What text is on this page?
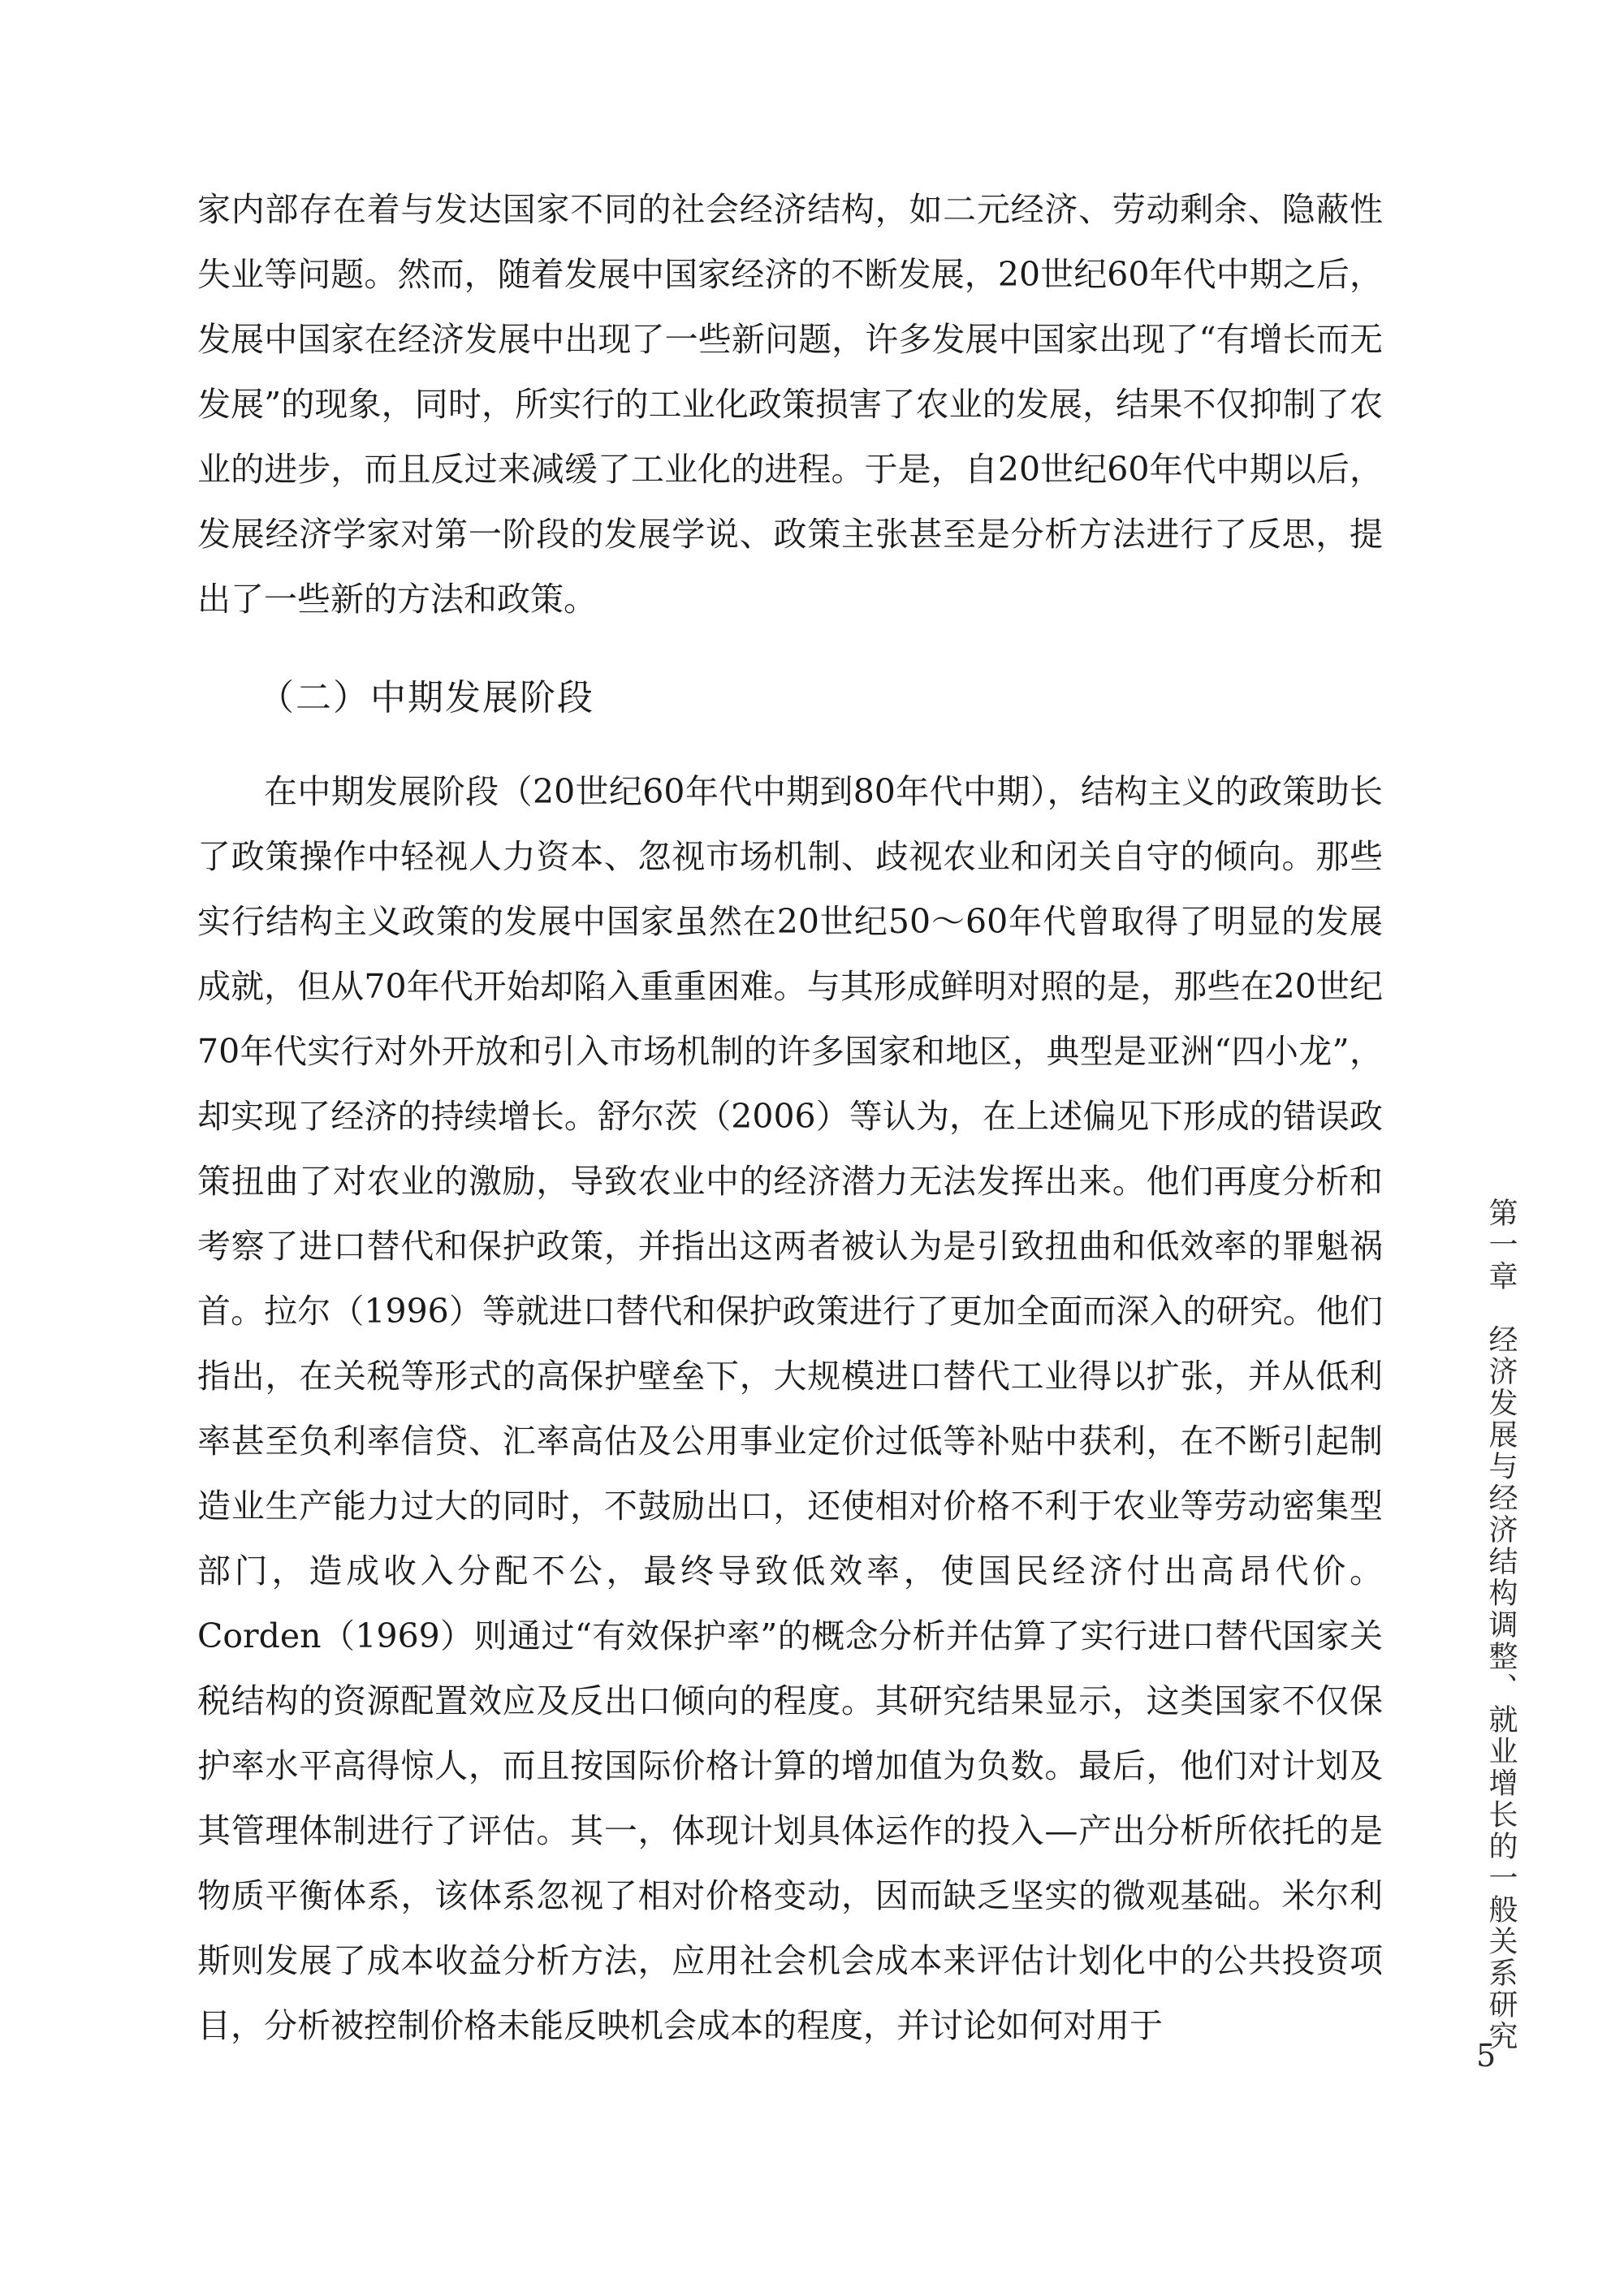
家内部存在着与发达国家不同的社会经济结构，如二元经济、劳动剩余、隐蔽性失业等问题。然而，随着发展中国家经济的不断发展，20世纪60年代中期之后，发展中国家在经济发展中出现了一些新问题，许多发展中国家出现了“有增长而无发展”的现象，同时，所实行的工业化政策损害了农业的发展，结果不仅抑制了农业的进步，而且反过来减缓了工业化的进程。于是，自20世纪60年代中期以后，发展经济学家对第一阶段的发展学说、政策主张甚至是分析方法进行了反思，提出了一些新的方法和政策。

（二）中期发展阶段

在中期发展阶段（20世纪60年代中期到80年代中期），结构主义的政策助长了政策操作中轻视人力资本、忽视市场机制、歧视农业和闭关自守的倾向。那些实行结构主义政策的发展中国家虽然在20世纪50～60年代曾取得了明显的发展成就，但从70年代开始却陷入重重困难。与其形成鲜明对照的是，那些在20世纪70年代实行对外开放和引入市场机制的许多国家和地区，典型是亚洲“四小龙”，却实现了经济的持续增长。舒尔茨（2006）等认为，在上述偏见下形成的错误政策扭曲了对农业的激励，导致农业中的经济潜力无法发挥出来。他们再度分析和考察了进口替代和保护政策，并指出这两者被认为是引致扭曲和低效率的罪魁祸首。拉尔（1996）等就进口替代和保护政策进行了更加全面而深入的研究。他们指出，在关税等形式的高保护壁垒下，大规模进口替代工业得以扩张，并从低利率甚至负利率信贷、汇率高估及公用事业定价过低等补贴中获利，在不断引起制造业生产能力过大的同时，不鼓励出口，还使相对价格不利于农业等劳动密集型部门，造成收入分配不公，最终导致低效率，使国民经济付出高昂代价。Corden（1969）则通过“有效保护率”的概念分析并估算了实行进口替代国家关税结构的资源配置效应及反出口倾向的程度。其研究结果显示，这类国家不仅保护率水平高得惊人，而且按国际价格计算的增加值为负数。最后，他们对计划及其管理体制进行了评估。其一，体现计划具体运作的投入—产出分析所依托的是物质平衡体系，该体系忽视了相对价格变动，因而缺乏坚实的微观基础。米尔利斯则发展了成本收益分析方法，应用社会机会成本来评估计划化中的公共投资项目，分析被控制价格未能反映机会成本的程度，并讨论如何对用于	第一章　经济发展与经济结构调整、就业增长的一般关系研究
5
